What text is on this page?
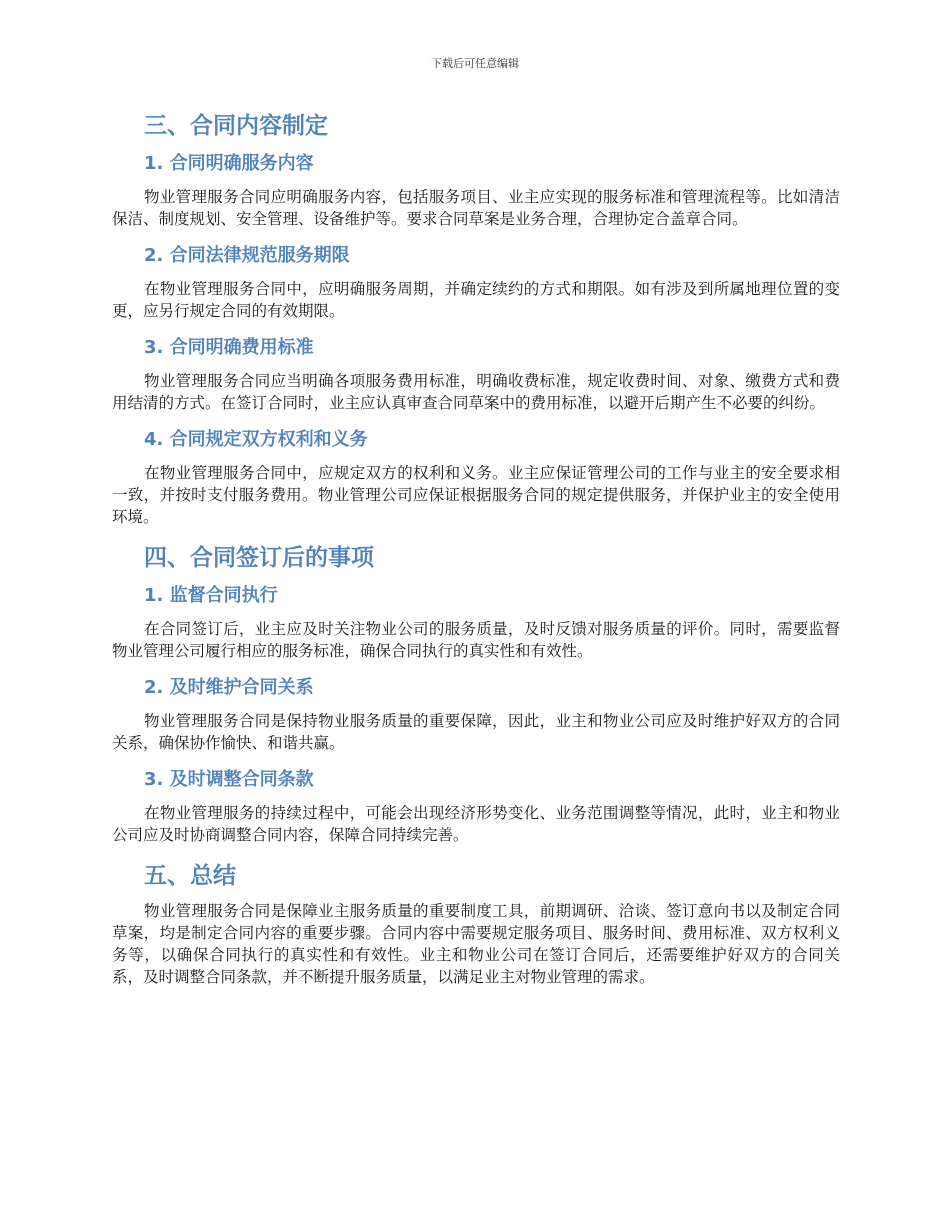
下载后可任意编辑
三、合同内容制定
1. 合同明确服务内容

物业管理服务合同应明确服务内容，包括服务项目、业主应实现的服务标准和管理流程等。比如清洁保洁、制度规划、安全管理、设备维护等。要求合同草案是业务合理，合理协定合盖章合同。

2. 合同法律规范服务期限

在物业管理服务合同中，应明确服务周期，并确定续约的方式和期限。如有涉及到所属地理位置的变更，应另行规定合同的有效期限。

3. 合同明确费用标准

物业管理服务合同应当明确各项服务费用标准，明确收费标准，规定收费时间、对象、缴费方式和费用结清的方式。在签订合同时，业主应认真审查合同草案中的费用标准，以避开后期产生不必要的纠纷。

4. 合同规定双方权利和义务

在物业管理服务合同中，应规定双方的权利和义务。业主应保证管理公司的工作与业主的安全要求相一致，并按时支付服务费用。物业管理公司应保证根据服务合同的规定提供服务，并保护业主的安全使用环境。

四、合同签订后的事项
1. 监督合同执行

在合同签订后，业主应及时关注物业公司的服务质量，及时反馈对服务质量的评价。同时，需要监督物业管理公司履行相应的服务标准，确保合同执行的真实性和有效性。

2. 及时维护合同关系

物业管理服务合同是保持物业服务质量的重要保障，因此，业主和物业公司应及时维护好双方的合同关系，确保协作愉快、和谐共赢。

3. 及时调整合同条款

在物业管理服务的持续过程中，可能会出现经济形势变化、业务范围调整等情况，此时，业主和物业公司应及时协商调整合同内容，保障合同持续完善。

五、总结

物业管理服务合同是保障业主服务质量的重要制度工具，前期调研、洽谈、签订意向书以及制定合同草案，均是制定合同内容的重要步骤。合同内容中需要规定服务项目、服务时间、费用标准、双方权利义务等，以确保合同执行的真实性和有效性。业主和物业公司在签订合同后，还需要维护好双方的合同关系，及时调整合同条款，并不断提升服务质量，以满足业主对物业管理的需求。
